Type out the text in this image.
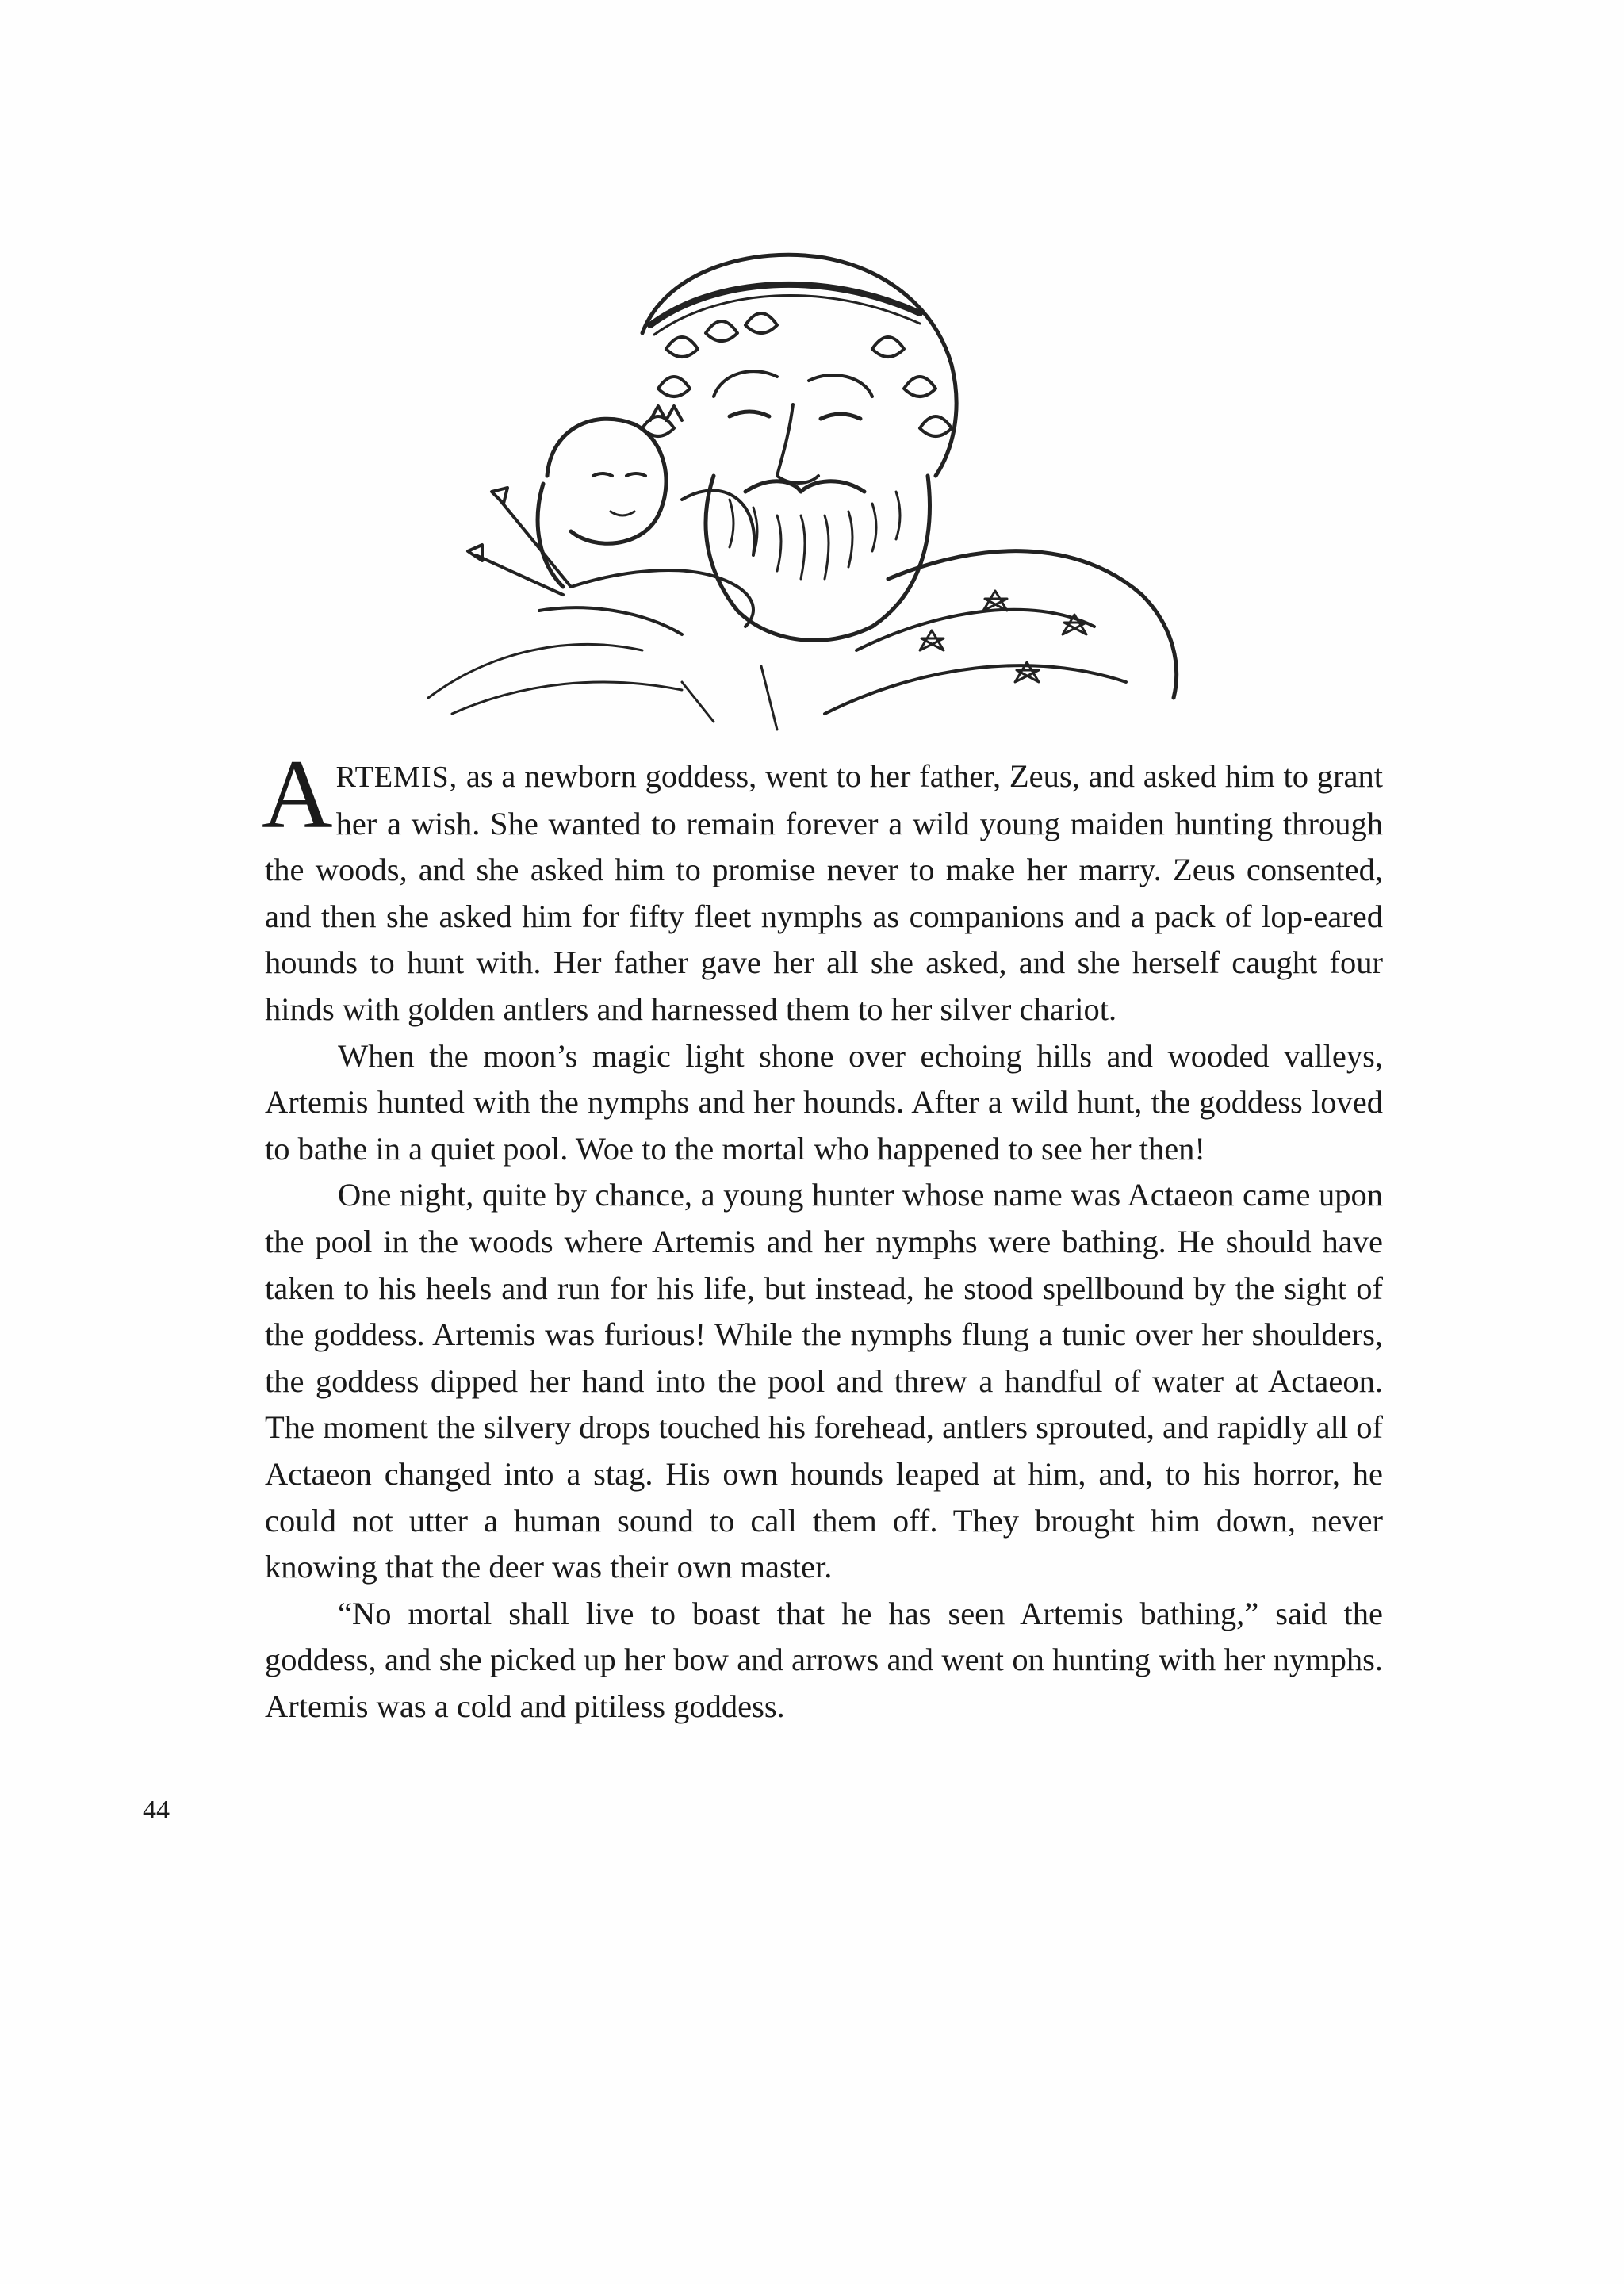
ARTEMIS, as a newborn goddess, went to her father, Zeus, and asked him to grant her a wish. She wanted to remain forever a wild young maiden hunting through the woods, and she asked him to promise never to make her marry. Zeus consented, and then she asked him for fifty fleet nymphs as companions and a pack of lop-eared hounds to hunt with. Her father gave her all she asked, and she herself caught four hinds with golden antlers and harnessed them to her silver chariot.

When the moon’s magic light shone over echoing hills and wooded valleys, Artemis hunted with the nymphs and her hounds. After a wild hunt, the goddess loved to bathe in a quiet pool. Woe to the mortal who happened to see her then!

One night, quite by chance, a young hunter whose name was Actaeon came upon the pool in the woods where Artemis and her nymphs were bathing. He should have taken to his heels and run for his life, but instead, he stood spellbound by the sight of the goddess. Artemis was furious! While the nymphs flung a tunic over her shoulders, the goddess dipped her hand into the pool and threw a handful of water at Actaeon. The moment the silvery drops touched his forehead, antlers sprouted, and rapidly all of Actaeon changed into a stag. His own hounds leaped at him, and, to his horror, he could not utter a human sound to call them off. They brought him down, never knowing that the deer was their own master.

“No mortal shall live to boast that he has seen Artemis bathing,” said the goddess, and she picked up her bow and arrows and went on hunting with her nymphs. Artemis was a cold and pitiless goddess.

44
